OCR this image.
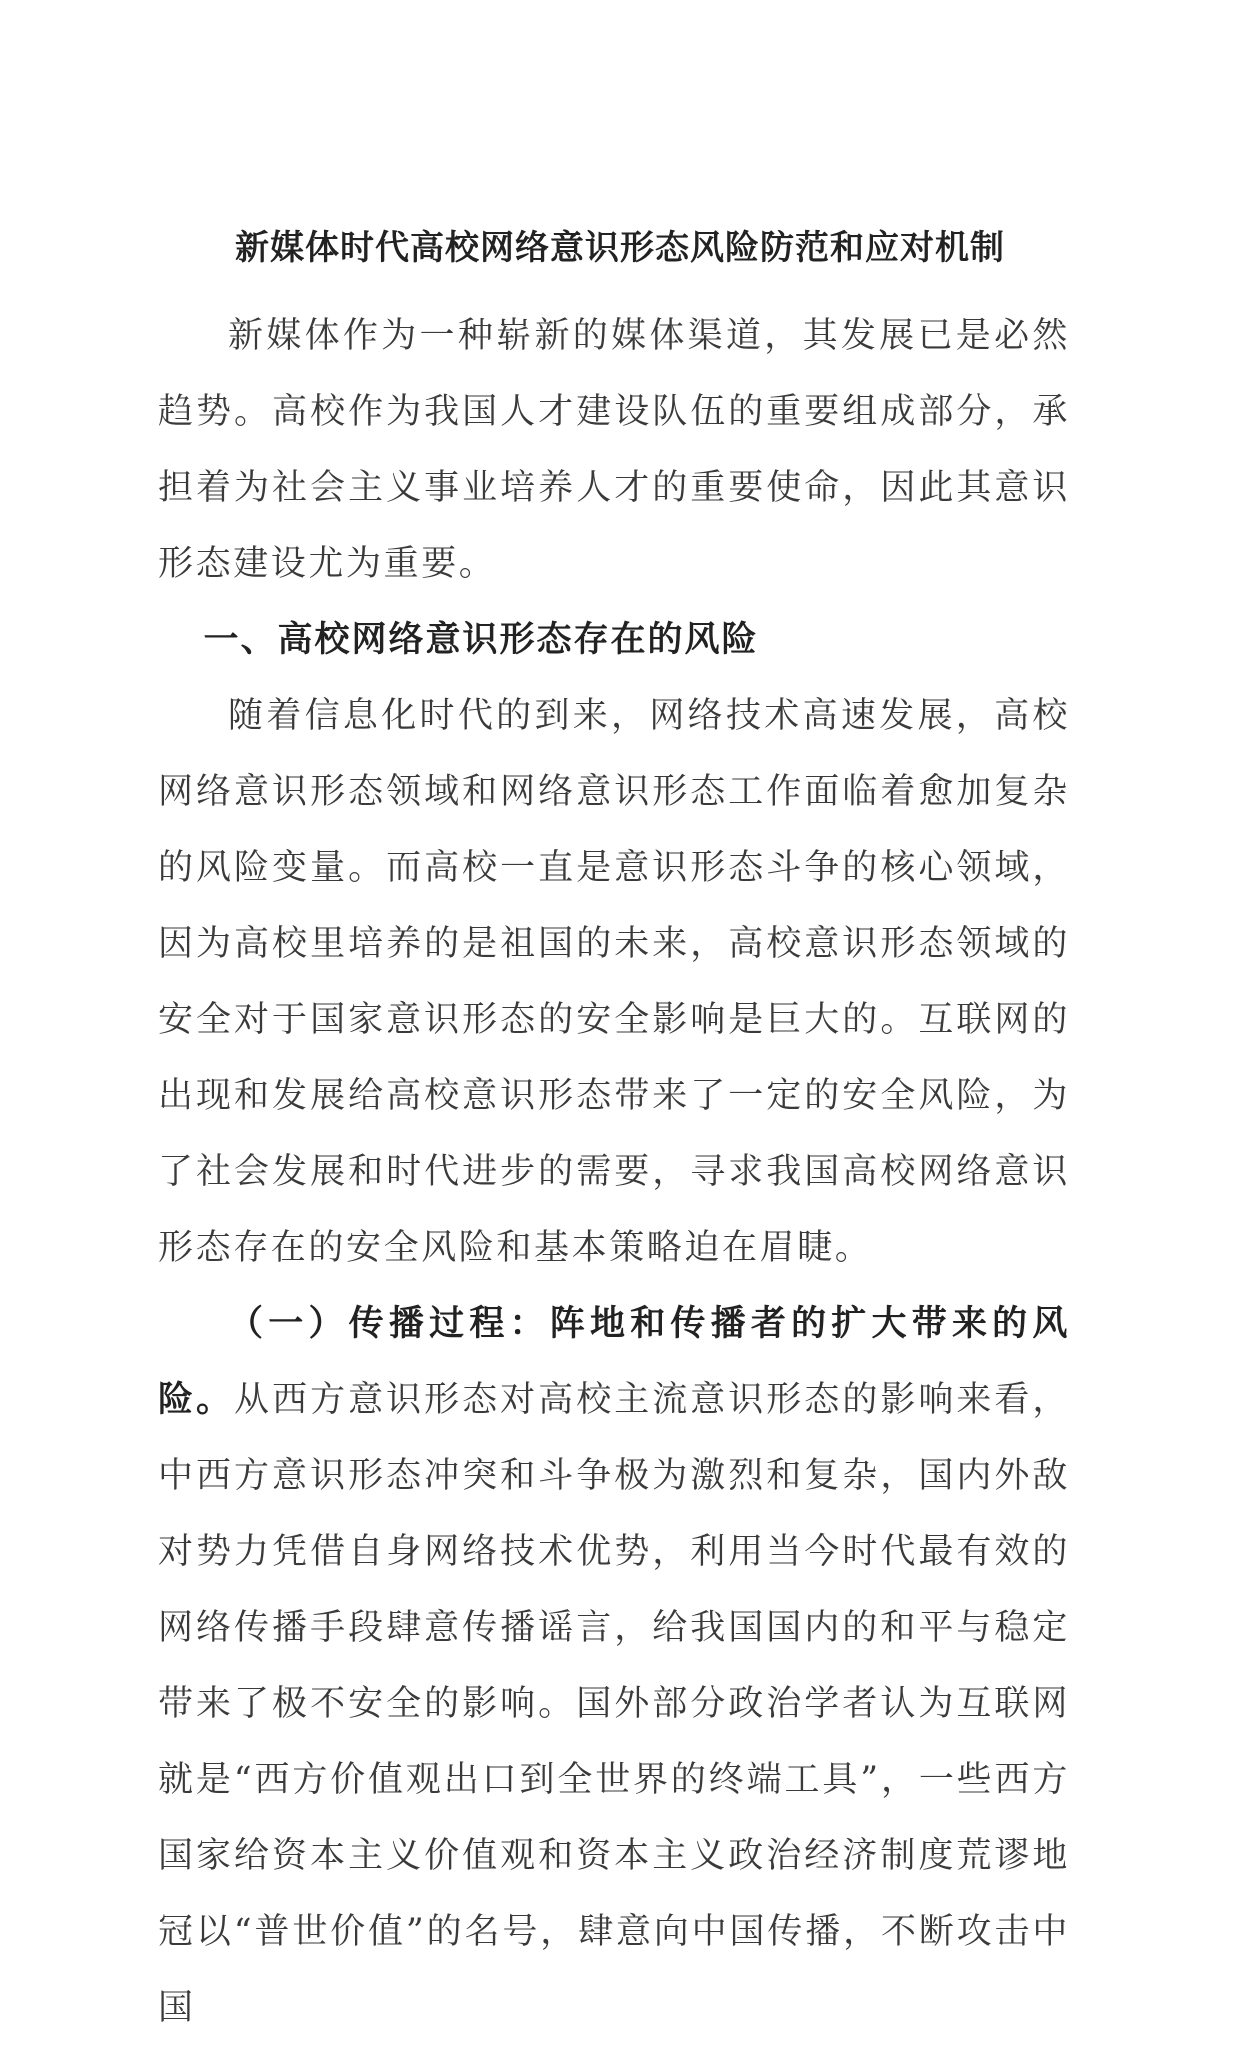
新媒体时代高校网络意识形态风险防范和应对机制

新媒体作为一种崭新的媒体渠道，其发展已是必然趋势。高校作为我国人才建设队伍的重要组成部分，承担着为社会主义事业培养人才的重要使命，因此其意识形态建设尤为重要。

一、高校网络意识形态存在的风险

随着信息化时代的到来，网络技术高速发展，高校网络意识形态领域和网络意识形态工作面临着愈加复杂的风险变量。而高校一直是意识形态斗争的核心领域，因为高校里培养的是祖国的未来，高校意识形态领域的安全对于国家意识形态的安全影响是巨大的。互联网的出现和发展给高校意识形态带来了一定的安全风险，为了社会发展和时代进步的需要，寻求我国高校网络意识形态存在的安全风险和基本策略迫在眉睫。

（一）传播过程：阵地和传播者的扩大带来的风险。从西方意识形态对高校主流意识形态的影响来看，中西方意识形态冲突和斗争极为激烈和复杂，国内外敌对势力凭借自身网络技术优势，利用当今时代最有效的网络传播手段肆意传播谣言，给我国国内的和平与稳定带来了极不安全的影响。国外部分政治学者认为互联网就是“西方价值观出口到全世界的终端工具”，一些西方国家给资本主义价值观和资本主义政治经济制度荒谬地冠以“普世价值”的名号，肆意向中国传播，不断攻击中国
